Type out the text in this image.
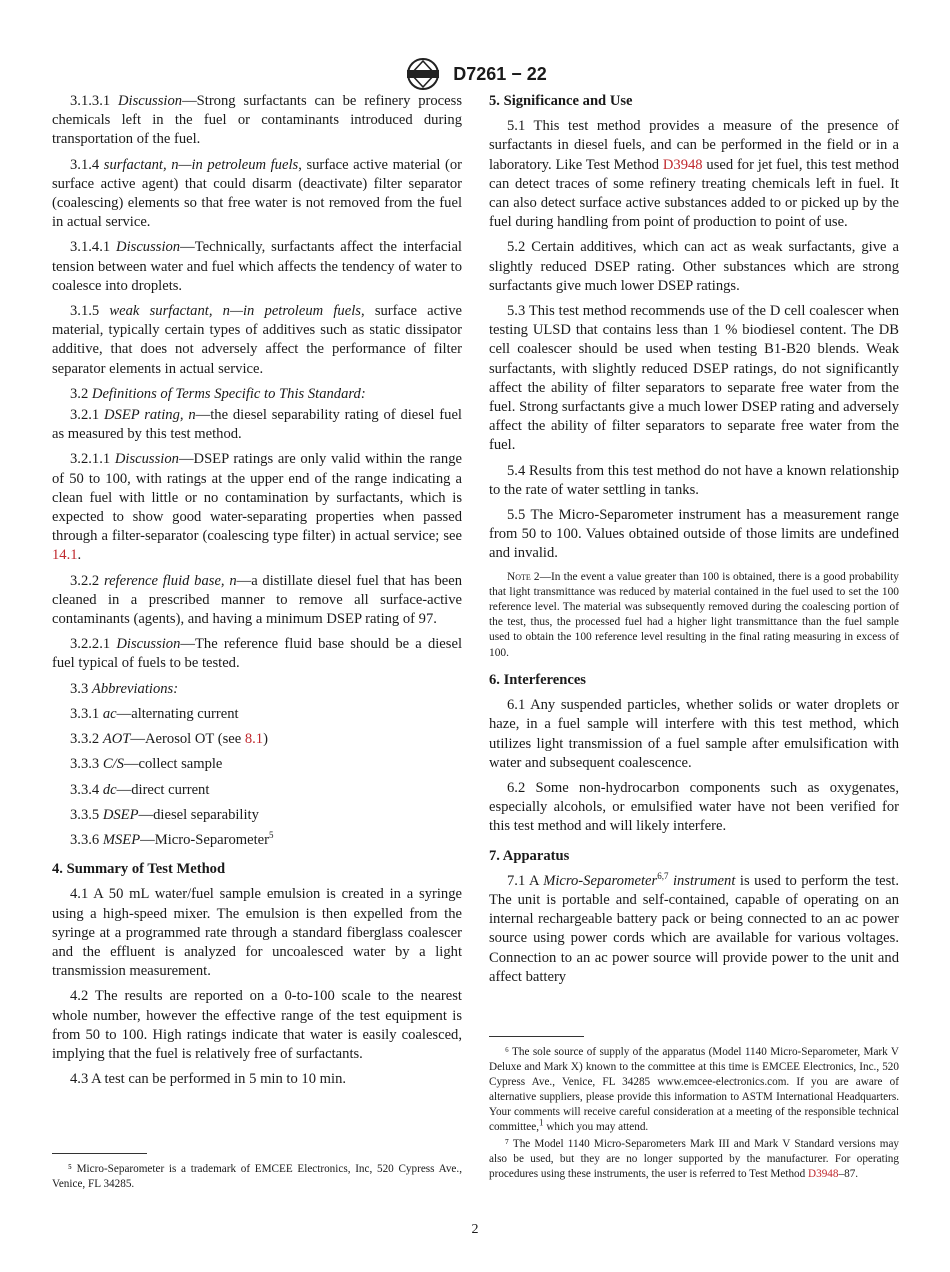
D7261 − 22

3.1.3.1 Discussion—Strong surfactants can be refinery process chemicals left in the fuel or contaminants introduced during transportation of the fuel.

3.1.4 surfactant, n—in petroleum fuels, surface active material (or surface active agent) that could disarm (deactivate) filter separator (coalescing) elements so that free water is not removed from the fuel in actual service.

3.1.4.1 Discussion—Technically, surfactants affect the interfacial tension between water and fuel which affects the tendency of water to coalesce into droplets.

3.1.5 weak surfactant, n—in petroleum fuels, surface active material, typically certain types of additives such as static dissipator additive, that does not adversely affect the performance of filter separator elements in actual service.

3.2 Definitions of Terms Specific to This Standard:

3.2.1 DSEP rating, n—the diesel separability rating of diesel fuel as measured by this test method.

3.2.1.1 Discussion—DSEP ratings are only valid within the range of 50 to 100, with ratings at the upper end of the range indicating a clean fuel with little or no contamination by surfactants, which is expected to show good water-separating properties when passed through a filter-separator (coalescing type filter) in actual service; see 14.1.

3.2.2 reference fluid base, n—a distillate diesel fuel that has been cleaned in a prescribed manner to remove all surface-active contaminants (agents), and having a minimum DSEP rating of 97.

3.2.2.1 Discussion—The reference fluid base should be a diesel fuel typical of fuels to be tested.

3.3 Abbreviations:

3.3.1 ac—alternating current

3.3.2 AOT—Aerosol OT (see 8.1)

3.3.3 C/S—collect sample

3.3.4 dc—direct current

3.3.5 DSEP—diesel separability

3.3.6 MSEP—Micro-Separometer$^5$

4. Summary of Test Method

4.1 A 50 mL water/fuel sample emulsion is created in a syringe using a high-speed mixer. The emulsion is then expelled from the syringe at a programmed rate through a standard fiberglass coalescer and the effluent is analyzed for uncoalesced water by a light transmission measurement.

4.2 The results are reported on a 0-to-100 scale to the nearest whole number, however the effective range of the test equipment is from 50 to 100. High ratings indicate that water is easily coalesced, implying that the fuel is relatively free of surfactants.

4.3 A test can be performed in 5 min to 10 min.

⁵ Micro-Separometer is a trademark of EMCEE Electronics, Inc, 520 Cypress Ave., Venice, FL 34285.

5. Significance and Use

5.1 This test method provides a measure of the presence of surfactants in diesel fuels, and can be performed in the field or in a laboratory. Like Test Method D3948 used for jet fuel, this test method can detect traces of some refinery treating chemicals left in fuel. It can also detect surface active substances added to or picked up by the fuel during handling from point of production to point of use.

5.2 Certain additives, which can act as weak surfactants, give a slightly reduced DSEP rating. Other substances which are strong surfactants give much lower DSEP ratings.

5.3 This test method recommends use of the D cell coalescer when testing ULSD that contains less than 1 % biodiesel content. The DB cell coalescer should be used when testing B1-B20 blends. Weak surfactants, with slightly reduced DSEP ratings, do not significantly affect the ability of filter separators to separate free water from the fuel. Strong surfactants give a much lower DSEP rating and adversely affect the ability of filter separators to separate free water from the fuel.

5.4 Results from this test method do not have a known relationship to the rate of water settling in tanks.

5.5 The Micro-Separometer instrument has a measurement range from 50 to 100. Values obtained outside of those limits are undefined and invalid.

Note 2—In the event a value greater than 100 is obtained, there is a good probability that light transmittance was reduced by material contained in the fuel used to set the 100 reference level. The material was subsequently removed during the coalescing portion of the test, thus, the processed fuel had a higher light transmittance than the fuel sample used to obtain the 100 reference level resulting in the final rating measuring in excess of 100.
6. Interferences

6.1 Any suspended particles, whether solids or water droplets or haze, in a fuel sample will interfere with this test method, which utilizes light transmission of a fuel sample after emulsification with water and subsequent coalescence.

6.2 Some non-hydrocarbon components such as oxygenates, especially alcohols, or emulsified water have not been verified for this test method and will likely interfere.

7. Apparatus

7.1 A Micro-Separometer$^{6,7}$ instrument is used to perform the test. The unit is portable and self-contained, capable of operating on an internal rechargeable battery pack or being connected to an ac power source using power cords which are available for various voltages. Connection to an ac power source will provide power to the unit and affect battery

⁶ The sole source of supply of the apparatus (Model 1140 Micro-Separometer, Mark V Deluxe and Mark X) known to the committee at this time is EMCEE Electronics, Inc., 520 Cypress Ave., Venice, FL 34285 www.emcee-electronics.com. If you are aware of alternative suppliers, please provide this information to ASTM International Headquarters. Your comments will receive careful consideration at a meeting of the responsible technical committee,$^1$ which you may attend.

⁷ The Model 1140 Micro-Separometers Mark III and Mark V Standard versions may also be used, but they are no longer supported by the manufacturer. For operating procedures using these instruments, the user is referred to Test Method D3948–87.

2
